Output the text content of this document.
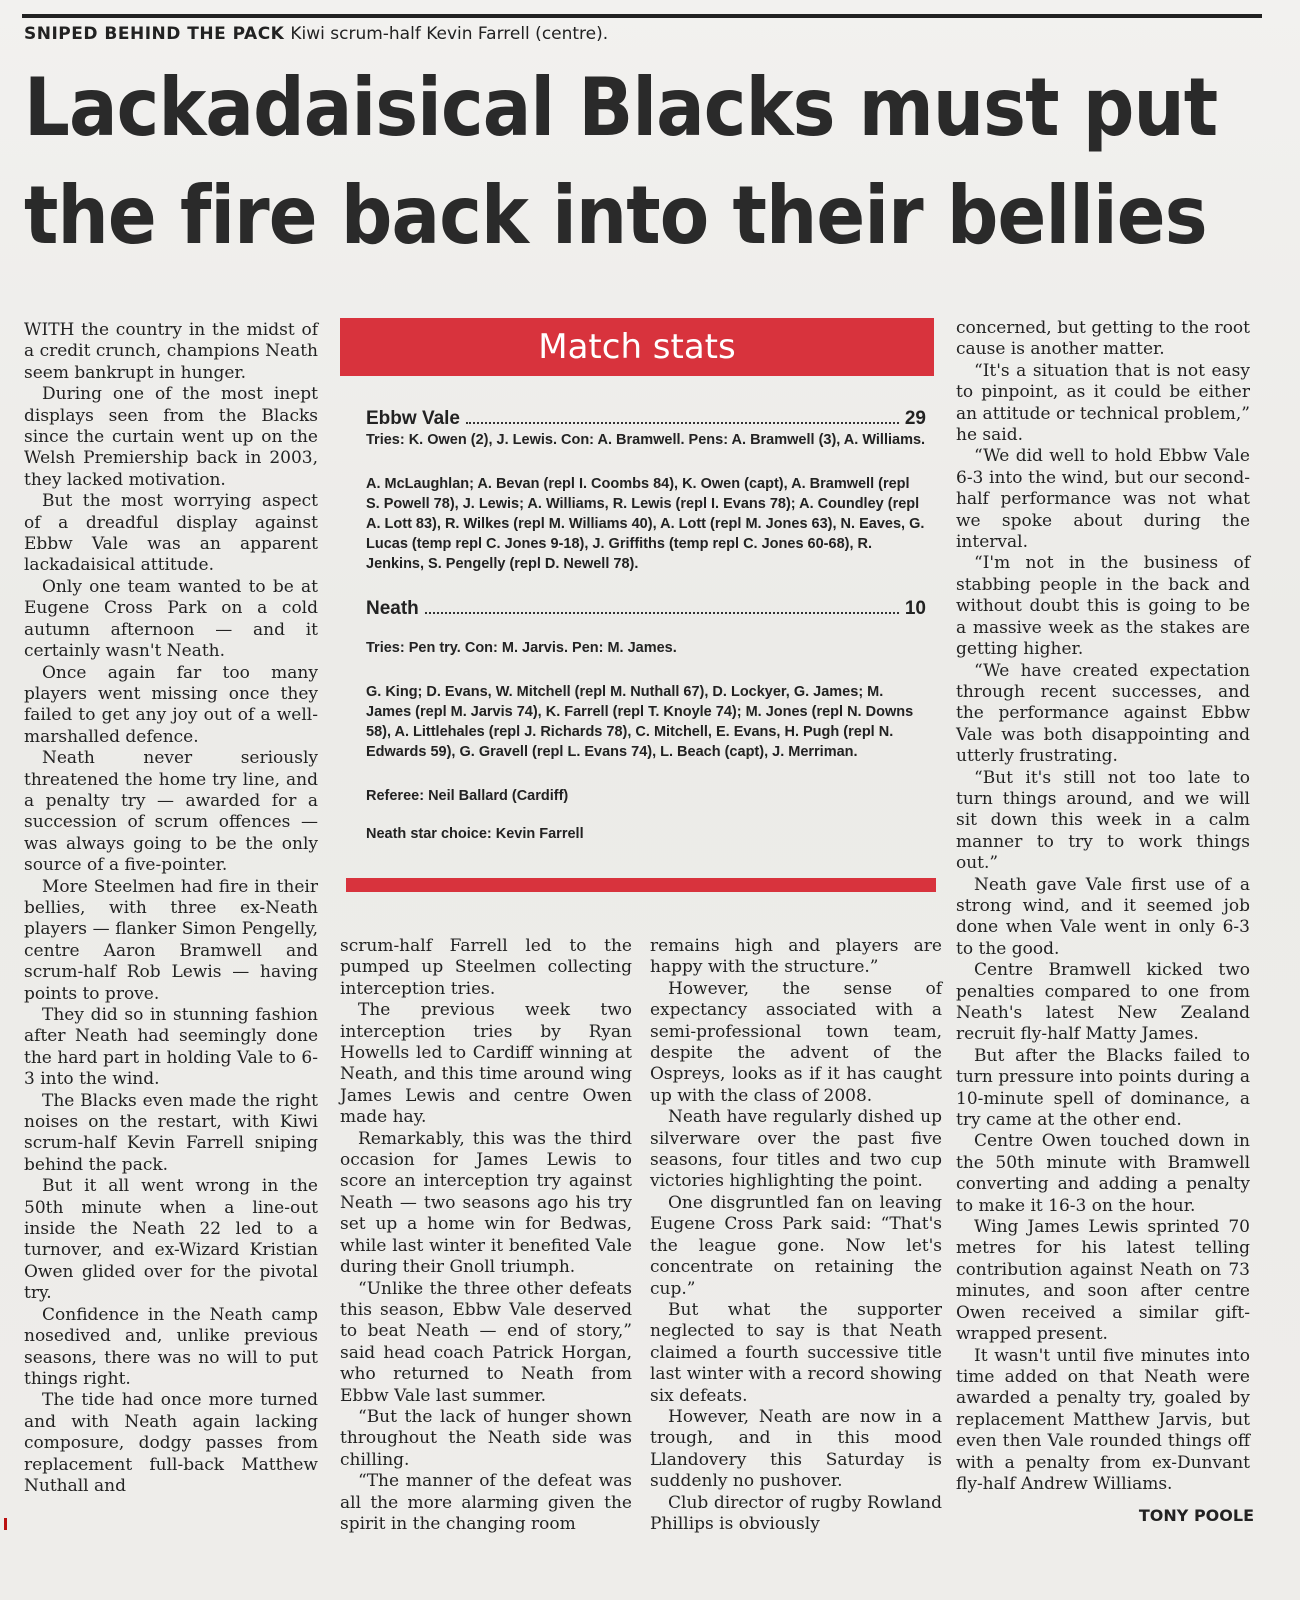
SNIPED BEHIND THE PACK Kiwi scrum-half Kevin Farrell (centre).
Lackadaisical Blacks must put
the fire back into their bellies

WITH the country in the midst of a credit crunch, champions Neath seem bankrupt in hunger.

During one of the most inept displays seen from the Blacks since the curtain went up on the Welsh Premiership back in 2003, they lacked motivation.

But the most worrying aspect of a dreadful display against Ebbw Vale was an apparent lackadaisical attitude.

Only one team wanted to be at Eugene Cross Park on a cold autumn afternoon — and it certainly wasn't Neath.

Once again far too many players went missing once they failed to get any joy out of a well-marshalled defence.

Neath never seriously threatened the home try line, and a penalty try — awarded for a succession of scrum offences — was always going to be the only source of a five-pointer.

More Steelmen had fire in their bellies, with three ex-Neath players — flanker Simon Pengelly, centre Aaron Bramwell and scrum-half Rob Lewis — having points to prove.

They did so in stunning fashion after Neath had seemingly done the hard part in holding Vale to 6-3 into the wind.

The Blacks even made the right noises on the restart, with Kiwi scrum-half Kevin Farrell sniping behind the pack.

But it all went wrong in the 50th minute when a line-out inside the Neath 22 led to a turnover, and ex-Wizard Kristian Owen glided over for the pivotal try.

Confidence in the Neath camp nosedived and, unlike previous seasons, there was no will to put things right.

The tide had once more turned and with Neath again lacking composure, dodgy passes from replacement full-back Matthew Nuthall and

Match stats
Ebbw Vale	29

Tries: K. Owen (2), J. Lewis. Con: A. Bramwell. Pens: A. Bramwell (3), A. Williams.

A. McLaughlan; A. Bevan (repl I. Coombs 84), K. Owen (capt), A. Bramwell (repl S. Powell 78), J. Lewis; A. Williams, R. Lewis (repl I. Evans 78); A. Coundley (repl A. Lott 83), R. Wilkes (repl M. Williams 40), A. Lott (repl M. Jones 63), N. Eaves, G. Lucas (temp repl C. Jones 9-18), J. Griffiths (temp repl C. Jones 60-68), R. Jenkins, S. Pengelly (repl D. Newell 78).

Neath	10

Tries: Pen try. Con: M. Jarvis. Pen: M. James.

G. King; D. Evans, W. Mitchell (repl M. Nuthall 67), D. Lockyer, G. James; M. James (repl M. Jarvis 74), K. Farrell (repl T. Knoyle 74); M. Jones (repl N. Downs 58), A. Littlehales (repl J. Richards 78), C. Mitchell, E. Evans, H. Pugh (repl N. Edwards 59), G. Gravell (repl L. Evans 74), L. Beach (capt), J. Merriman.

Referee: Neil Ballard (Cardiff)

Neath star choice: Kevin Farrell

scrum-half Farrell led to the pumped up Steelmen collecting interception tries.

The previous week two interception tries by Ryan Howells led to Cardiff winning at Neath, and this time around wing James Lewis and centre Owen made hay.

Remarkably, this was the third occasion for James Lewis to score an interception try against Neath — two seasons ago his try set up a home win for Bedwas, while last winter it benefited Vale during their Gnoll triumph.

“Unlike the three other defeats this season, Ebbw Vale deserved to beat Neath — end of story,” said head coach Patrick Horgan, who returned to Neath from Ebbw Vale last summer.

“But the lack of hunger shown throughout the Neath side was chilling.

“The manner of the defeat was all the more alarming given the spirit in the changing room

remains high and players are happy with the structure.”

However, the sense of expectancy associated with a semi-professional town team, despite the advent of the Ospreys, looks as if it has caught up with the class of 2008.

Neath have regularly dished up silverware over the past five seasons, four titles and two cup victories highlighting the point.

One disgruntled fan on leaving Eugene Cross Park said: “That's the league gone. Now let's concentrate on retaining the cup.”

But what the supporter neglected to say is that Neath claimed a fourth successive title last winter with a record showing six defeats.

However, Neath are now in a trough, and in this mood Llandovery this Saturday is suddenly no pushover.

Club director of rugby Rowland Phillips is obviously

concerned, but getting to the root cause is another matter.

“It's a situation that is not easy to pinpoint, as it could be either an attitude or technical problem,” he said.

“We did well to hold Ebbw Vale 6-3 into the wind, but our second-half performance was not what we spoke about during the interval.

“I'm not in the business of stabbing people in the back and without doubt this is going to be a massive week as the stakes are getting higher.

“We have created expectation through recent successes, and the performance against Ebbw Vale was both disappointing and utterly frustrating.

“But it's still not too late to turn things around, and we will sit down this week in a calm manner to try to work things out.”

Neath gave Vale first use of a strong wind, and it seemed job done when Vale went in only 6-3 to the good.

Centre Bramwell kicked two penalties compared to one from Neath's latest New Zealand recruit fly-half Matty James.

But after the Blacks failed to turn pressure into points during a 10-minute spell of dominance, a try came at the other end.

Centre Owen touched down in the 50th minute with Bramwell converting and adding a penalty to make it 16-3 on the hour.

Wing James Lewis sprinted 70 metres for his latest telling contribution against Neath on 73 minutes, and soon after centre Owen received a similar gift-wrapped present.

It wasn't until five minutes into time added on that Neath were awarded a penalty try, goaled by replacement Matthew Jarvis, but even then Vale rounded things off with a penalty from ex-Dunvant fly-half Andrew Williams.

TONY POOLE
